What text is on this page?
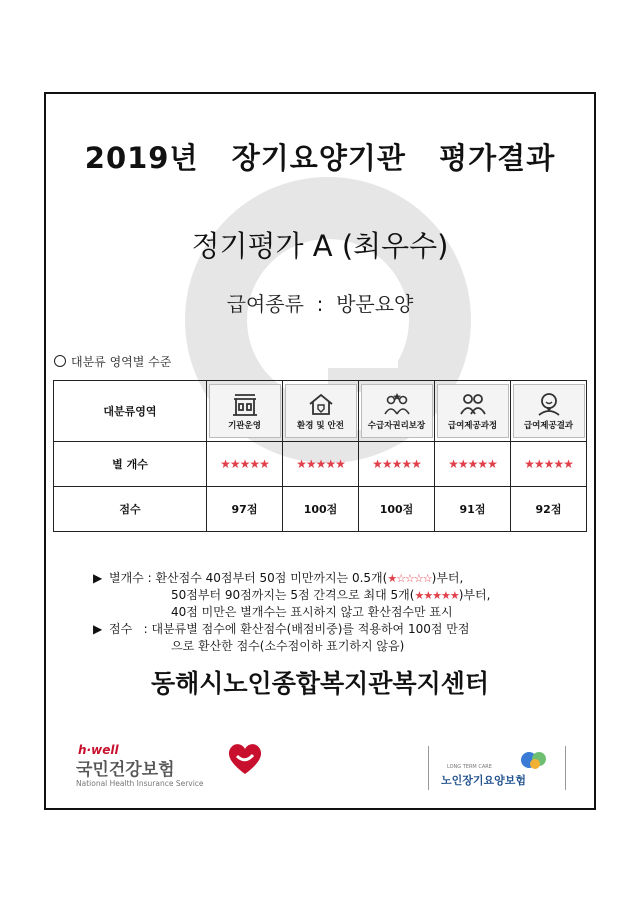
2019년   장기요양기관   평가결과
정기평가 A (최우수)
급여종류  :  방문요양
대분류 영역별 수준
대분류영역	기관운영	환경 및 안전	수급자권리보장	급여제공과정	급여제공결과

별 개수	★★★★★	★★★★★	★★★★★	★★★★★	★★★★★
점수	97점	100점	100점	91점	92점
▶ 별개수 : 환산점수 40점부터 50점 미만까지는 0.5개(★☆☆☆☆)부터,
50점부터 90점까지는 5점 간격으로 최대 5개(★★★★★)부터,
40점 미만은 별개수는 표시하지 않고 환산점수만 표시
▶ 점수   : 대분류별 점수에 환산점수(배점비중)를 적용하여 100점 만점
으로 환산한 점수(소수점이하 표기하지 않음)
동해시노인종합복지관복지센터
h·well
국민건강보험
National Health Insurance Service
LONG TERM CARE
노인장기요양보험
